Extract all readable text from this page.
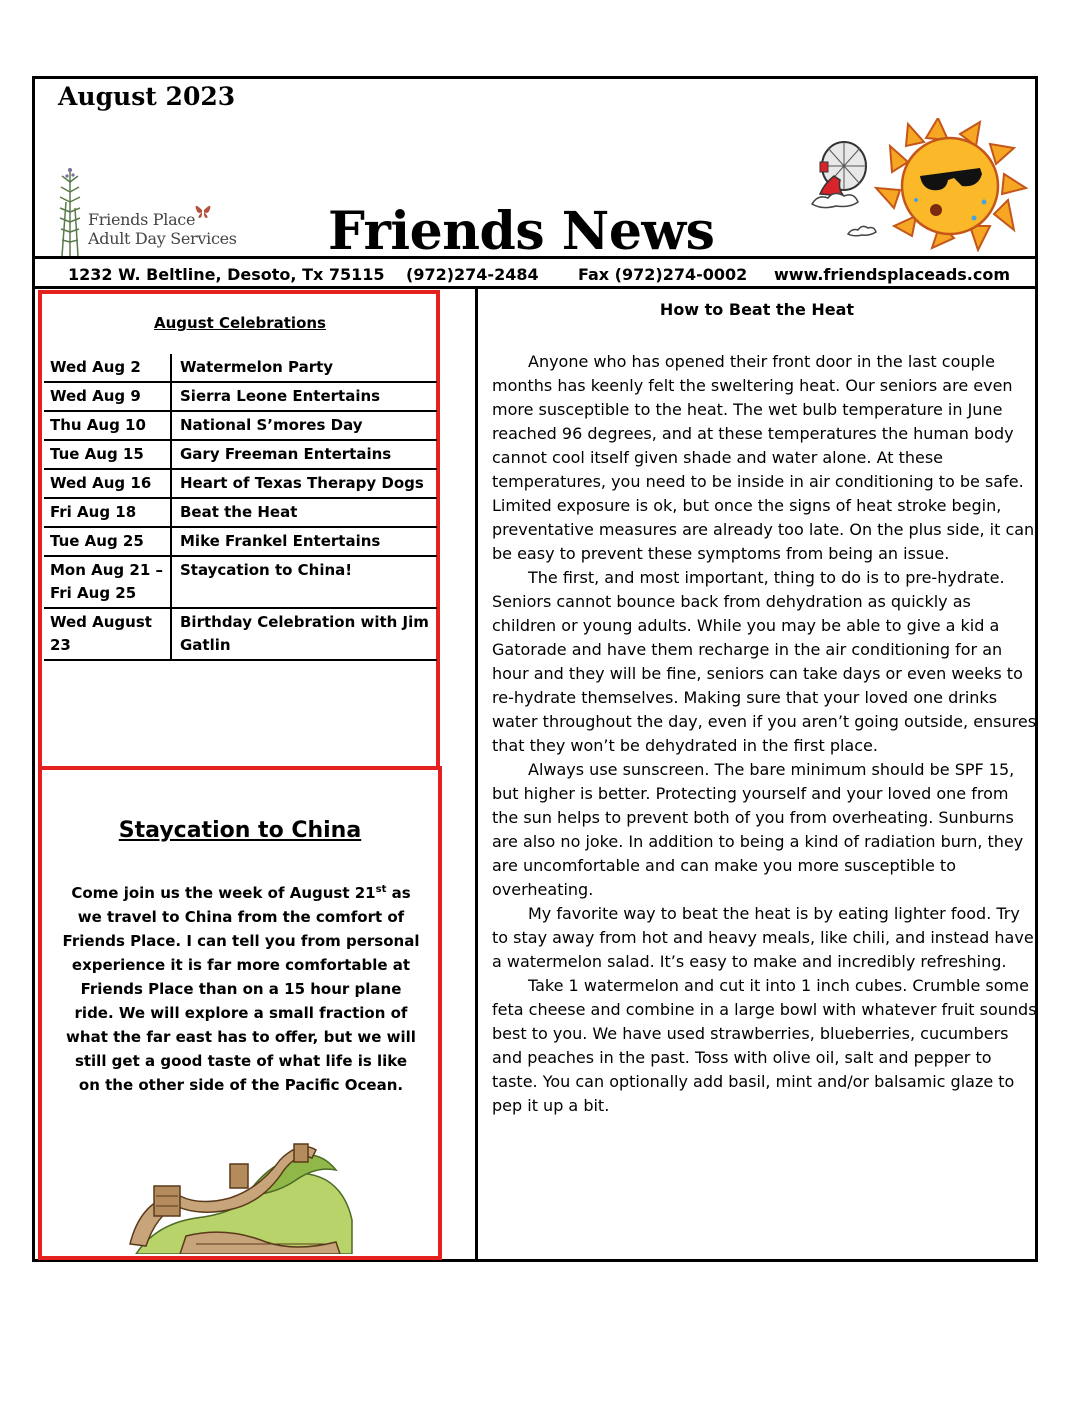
August 2023
Friends Place
Adult Day Services Friends News
1232 W. Beltline, Desoto, Tx 75115 (972)274-2484 Fax (972)274-0002 www.friendsplaceads.com
August Celebrations
Wed Aug 2	Watermelon Party
Wed Aug 9	Sierra Leone Entertains
Thu Aug 10	National S’mores Day
Tue Aug 15	Gary Freeman Entertains
Wed Aug 16	Heart of Texas Therapy Dogs
Fri Aug 18	Beat the Heat
Tue Aug 25	Mike Frankel Entertains
Mon Aug 21 – Fri Aug 25	Staycation to China!
Wed August 23	Birthday Celebration with Jim Gatlin
Staycation to China
Come join us the week of August 21st as we travel to China from the comfort of Friends Place. I can tell you from personal experience it is far more comfortable at Friends Place than on a 15 hour plane ride. We will explore a small fraction of what the far east has to offer, but we will still get a good taste of what life is like on the other side of the Pacific Ocean.
How to Beat the Heat

Anyone who has opened their front door in the last couple months has keenly felt the sweltering heat. Our seniors are even more susceptible to the heat. The wet bulb temperature in June reached 96 degrees, and at these temperatures the human body cannot cool itself given shade and water alone. At these temperatures, you need to be inside in air conditioning to be safe. Limited exposure is ok, but once the signs of heat stroke begin, preventative measures are already too late. On the plus side, it can be easy to prevent these symptoms from being an issue.

The first, and most important, thing to do is to pre-hydrate. Seniors cannot bounce back from dehydration as quickly as children or young adults. While you may be able to give a kid a Gatorade and have them recharge in the air conditioning for an hour and they will be fine, seniors can take days or even weeks to re-hydrate themselves. Making sure that your loved one drinks water throughout the day, even if you aren’t going outside, ensures that they won’t be dehydrated in the first place.

Always use sunscreen. The bare minimum should be SPF 15, but higher is better. Protecting yourself and your loved one from the sun helps to prevent both of you from overheating. Sunburns are also no joke. In addition to being a kind of radiation burn, they are uncomfortable and can make you more susceptible to overheating.

My favorite way to beat the heat is by eating lighter food. Try to stay away from hot and heavy meals, like chili, and instead have a watermelon salad. It’s easy to make and incredibly refreshing.

Take 1 watermelon and cut it into 1 inch cubes. Crumble some feta cheese and combine in a large bowl with whatever fruit sounds best to you. We have used strawberries, blueberries, cucumbers and peaches in the past. Toss with olive oil, salt and pepper to taste. You can optionally add basil, mint and/or balsamic glaze to pep it up a bit.
